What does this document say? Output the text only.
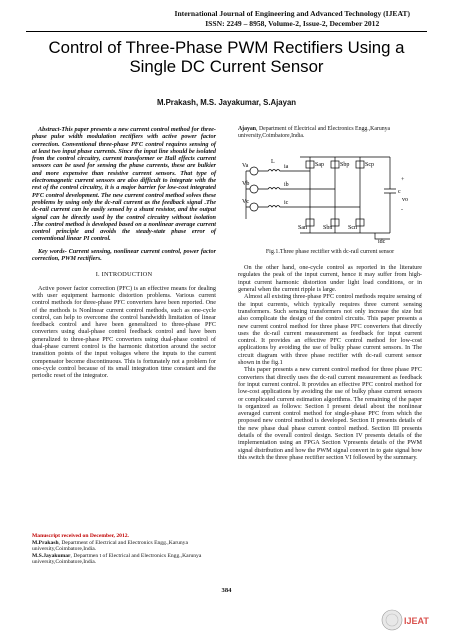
International Journal of Engineering and Advanced Technology (IJEAT)
ISSN: 2249 – 8958, Volume-2, Issue-2, December 2012
Control of Three-Phase PWM Rectifiers Using a
Single DC Current Sensor
M.Prakash, M.S. Jayakumar, S.Ajayan

Abstract-This paper presents a new current control method for three-phase pulse width modulation rectifiers with active power factor correction. Conventional three-phase PFC control requires sensing of at least two input phase currents. Since the input line should be isolated from the control circuitry, current transformer or Hall effects current sensors can be used for sensing the phase currents, these are bulkier and more expensive than resistive current sensors. That type of electromagnetic current sensors are also difficult to integrate with the rest of the control circuitry, it is a major barrier for low-cost integrated PFC control development. The new current control method solves these problems by using only the dc-rail current as the feedback signal .The dc-rail current can be easily sensed by a shunt resistor, and the output signal can be directly used by the control circuitry without isolation .The control method is developed based on a nonlinear average current control principle and avoids the steady-state phase error of conventional linear PI control.

Key words- Current sensing, nonlinear current control, power factor correction, PWM rectifiers.

I. INTRODUCTION

Active power factor correction (PFC) is an effective means for dealing with user equipment harmonic distortion problems. Various current control methods for three-phase PFC converters have been reported. One of the methods is Nonlinear current control methods, such as one-cycle control, can help to overcome the control bandwidth limitation of linear feedback control and have been generalized to three-phase PFC converters using dual-phase control feedback control and have been generalized to three-phase PFC converters using dual-phase control of dual-phase current control is the harmonic distortion around the sector transition points of the input voltages where the inputs to the current compensator become discontinuous. This is fortunately not a problem for one-cycle control because of its small integration time constant and the periodic reset of the integrator.

Manuscript received on December, 2012.

M.Prakash, Department of Electrical and Electronics Engg.,Karunya university,Coimbatore,India.

M.S.Jayakumar, Departmen t of Electrical and Electronics Engg.,Karunya university,Coimbatore,India.

Ajayan, Department of Electrical and Electronics Engg.,Karunya university,Coimbatore,India.

Va
Vb
Vc
ia
ib
ic
L	Sap	Sbp	Scp
San	Sbn	Scn
idc
c
vo
+
-
Fig.1.Three phase rectifier with dc-rail current sensor

On the other hand, one-cycle control as reported in the literature regulates the peak of the input current, hence it may suffer from high-input current harmonic distortion under light load conditions, or in general when the current ripple is large.

Almost all existing three-phase PFC control methods require sensing of the input currents, which typically requires three current sensing transformers. Such sensing transformers not only increase the size but also complicate the design of the control circuits. This paper presents a new current control method for three phase PFC converters that directly uses the dc-rail current measurement as feedback for input current control. It provides an effective PFC control method for low-cost applications by avoiding the use of bulky phase current sensors. In The circuit diagram with three phase rectifier with dc-rail current sensor shown in the fig.1

This paper presents a new current control method for three phase PFC converters that directly uses the dc-rail current measurement as feedback for input current control. It provides an effective PFC control method for low-cost applications by avoiding the use of bulky phase current sensors or complicated current estimation algorithms. The remaining of the paper is organized as follows: Section I present detail about the nonlinear averaged current control method for single-phase PFC from which the proposed new control method is developed. Section II presents details of the new phase dual phase current control method. Section III presents details of the overall control design. Section IV presents details of the implementation using an FPGA Section Vpresents details of the PWM signal distribution and how the PWM signal convert in to gate signal how this switch the three phase rectifier section VI followed by the summary.

384
IJEAT
